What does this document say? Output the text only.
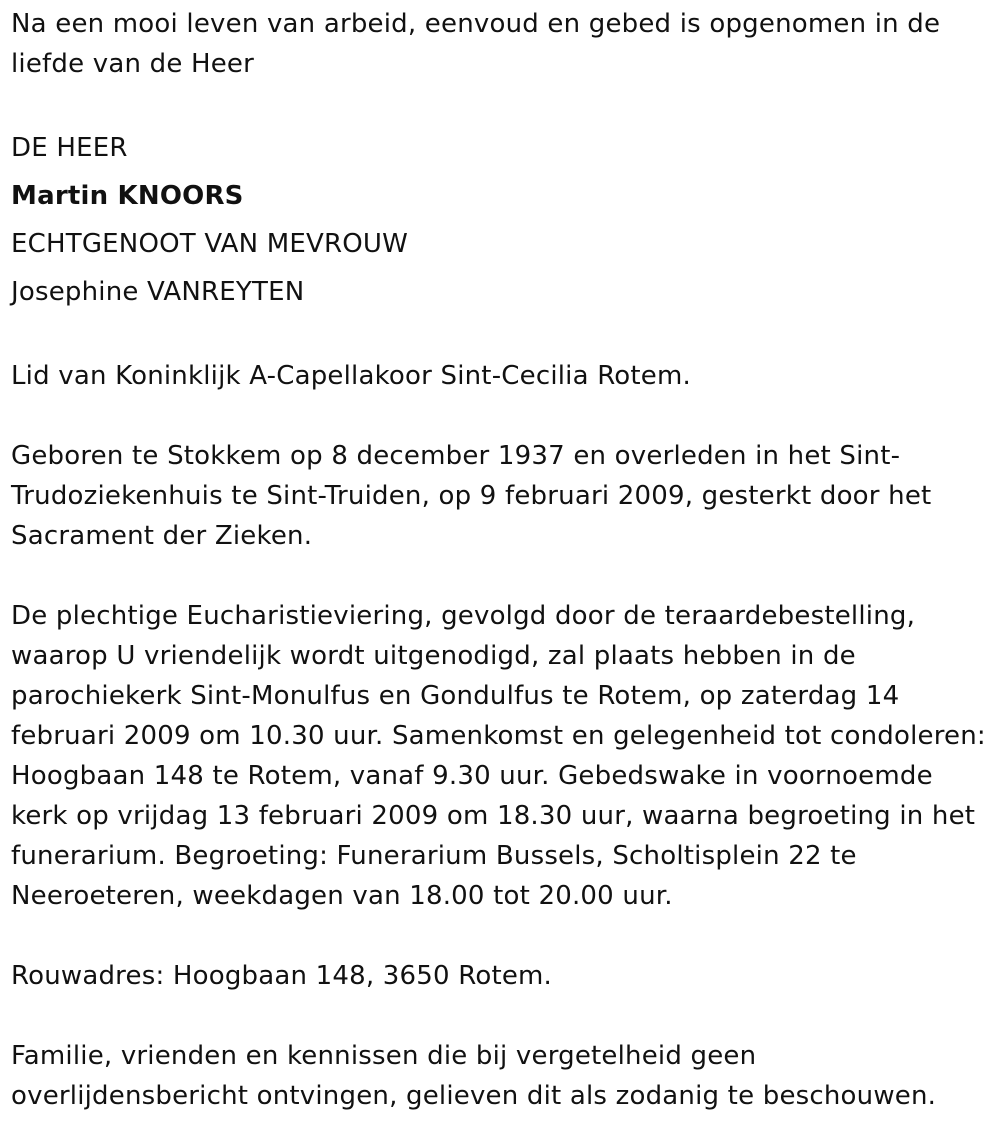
Na een mooi leven van arbeid, eenvoud en gebed is opgenomen in de liefde van de Heer

DE HEER

Martin KNOORS

ECHTGENOOT VAN MEVROUW

Josephine VANREYTEN

Lid van Koninklijk A-Capellakoor Sint-Cecilia Rotem.

Geboren te Stokkem op 8 december 1937 en overleden in het Sint-Trudoziekenhuis te Sint-Truiden, op 9 februari 2009, gesterkt door het Sacrament der Zieken.

De plechtige Eucharistieviering, gevolgd door de teraardebestelling, waarop U vriendelijk wordt uitgenodigd, zal plaats hebben in de parochiekerk Sint-Monulfus en Gondulfus te Rotem, op zaterdag 14 februari 2009 om 10.30 uur. Samenkomst en gelegenheid tot condoleren: Hoogbaan 148 te Rotem, vanaf 9.30 uur. Gebedswake in voornoemde kerk op vrijdag 13 februari 2009 om 18.30 uur, waarna begroeting in het funerarium. Begroeting: Funerarium Bussels, Scholtisplein 22 te Neeroeteren, weekdagen van 18.00 tot 20.00 uur.

Rouwadres: Hoogbaan 148, 3650 Rotem.

Familie, vrienden en kennissen die bij vergetelheid geen overlijdensbericht ontvingen, gelieven dit als zodanig te beschouwen.
